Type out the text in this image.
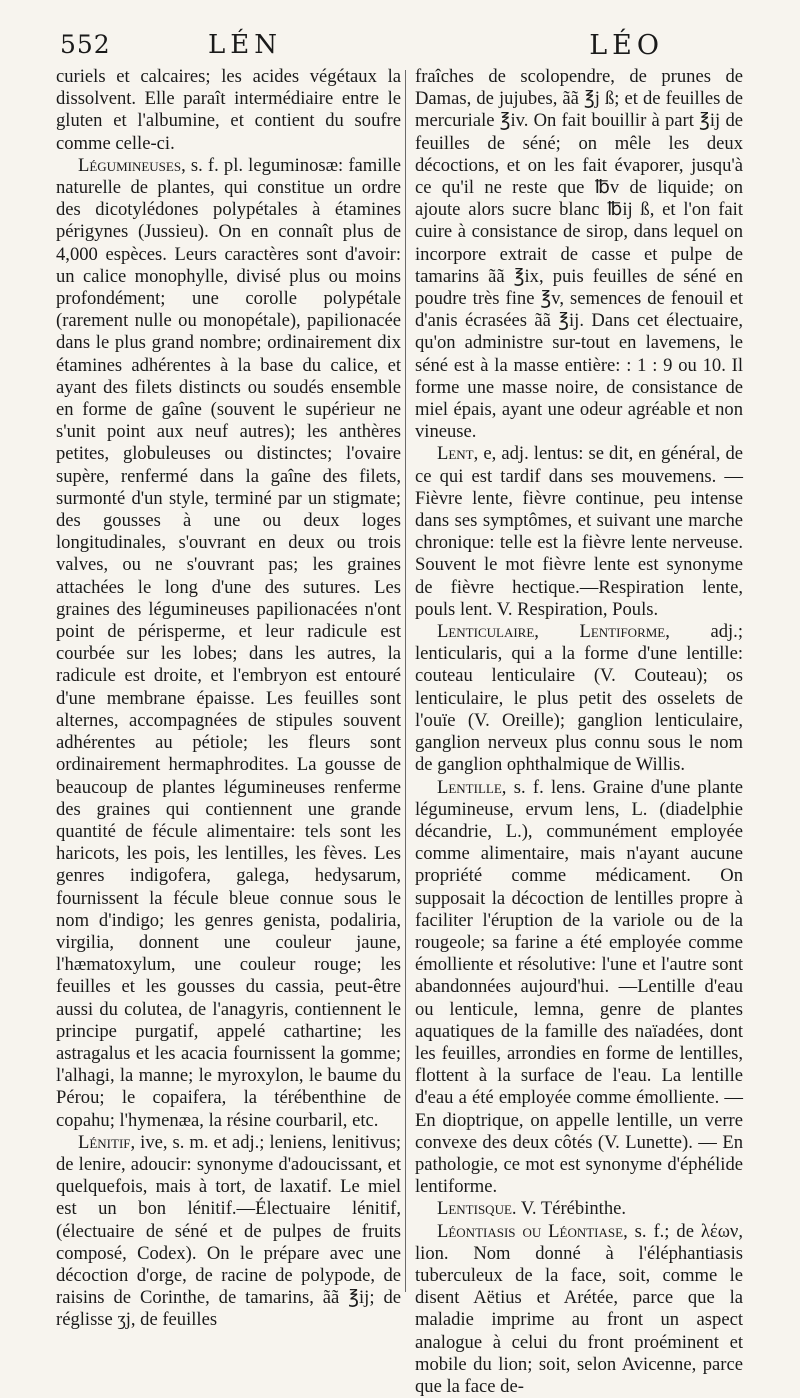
552	LÉN	LÉO

curiels et calcaires; les acides végétaux la dissolvent. Elle paraît intermédiaire entre le gluten et l'albumine, et contient du soufre comme celle-ci.

Légumineuses, s. f. pl. leguminosæ: famille naturelle de plantes, qui constitue un ordre des dicotylédones polypétales à étamines périgynes (Jussieu). On en connaît plus de 4,000 espèces. Leurs caractères sont d'avoir: un calice monophylle, divisé plus ou moins profondément; une corolle polypétale (rarement nulle ou monopétale), papilionacée dans le plus grand nombre; ordinairement dix étamines adhérentes à la base du calice, et ayant des filets distincts ou soudés ensemble en forme de gaîne (souvent le supérieur ne s'unit point aux neuf autres); les anthères petites, globuleuses ou distinctes; l'ovaire supère, renfermé dans la gaîne des filets, surmonté d'un style, terminé par un stigmate; des gousses à une ou deux loges longitudinales, s'ouvrant en deux ou trois valves, ou ne s'ouvrant pas; les graines attachées le long d'une des sutures. Les graines des légumineuses papilionacées n'ont point de périsperme, et leur radicule est courbée sur les lobes; dans les autres, la radicule est droite, et l'embryon est entouré d'une membrane épaisse. Les feuilles sont alternes, accompagnées de stipules souvent adhérentes au pétiole; les fleurs sont ordinairement hermaphrodites. La gousse de beaucoup de plantes légumineuses renferme des graines qui contiennent une grande quantité de fécule alimentaire: tels sont les haricots, les pois, les lentilles, les fèves. Les genres indigofera, galega, hedysarum, fournissent la fécule bleue connue sous le nom d'indigo; les genres genista, podaliria, virgilia, donnent une couleur jaune, l'hæmatoxylum, une couleur rouge; les feuilles et les gousses du cassia, peut-être aussi du colutea, de l'anagyris, contiennent le principe purgatif, appelé cathartine; les astragalus et les acacia fournissent la gomme; l'alhagi, la manne; le myroxylon, le baume du Pérou; le copaifera, la térébenthine de copahu; l'hymenæa, la résine courbaril, etc.

Lénitif, ive, s. m. et adj.; leniens, lenitivus; de lenire, adoucir: synonyme d'adoucissant, et quelquefois, mais à tort, de laxatif. Le miel est un bon lénitif.—Électuaire lénitif, (électuaire de séné et de pulpes de fruits composé, Codex). On le prépare avec une décoction d'orge, de racine de polypode, de raisins de Corinthe, de tamarins, ãã ℥ij; de réglisse ʒj, de feuilles

fraîches de scolopendre, de prunes de Damas, de jujubes, ãã ℥j ß; et de feuilles de mercuriale ℥iv. On fait bouillir à part ℥ij de feuilles de séné; on mêle les deux décoctions, et on les fait évaporer, jusqu'à ce qu'il ne reste que ℔v de liquide; on ajoute alors sucre blanc ℔ij ß, et l'on fait cuire à consistance de sirop, dans lequel on incorpore extrait de casse et pulpe de tamarins ãã ℥ix, puis feuilles de séné en poudre très fine ℥v, semences de fenouil et d'anis écrasées ãã ℥ij. Dans cet électuaire, qu'on administre sur-tout en lavemens, le séné est à la masse entière: : 1 : 9 ou 10. Il forme une masse noire, de consistance de miel épais, ayant une odeur agréable et non vineuse.

Lent, e, adj. lentus: se dit, en général, de ce qui est tardif dans ses mouvemens. — Fièvre lente, fièvre continue, peu intense dans ses symptômes, et suivant une marche chronique: telle est la fièvre lente nerveuse. Souvent le mot fièvre lente est synonyme de fièvre hectique.—Respiration lente, pouls lent. V. Respiration, Pouls.

Lenticulaire, Lentiforme, adj.; lenticularis, qui a la forme d'une lentille: couteau lenticulaire (V. Couteau); os lenticulaire, le plus petit des osselets de l'ouïe (V. Oreille); ganglion lenticulaire, ganglion nerveux plus connu sous le nom de ganglion ophthalmique de Willis.

Lentille, s. f. lens. Graine d'une plante légumineuse, ervum lens, L. (diadelphie décandrie, L.), communément employée comme alimentaire, mais n'ayant aucune propriété comme médicament. On supposait la décoction de lentilles propre à faciliter l'éruption de la variole ou de la rougeole; sa farine a été employée comme émolliente et résolutive: l'une et l'autre sont abandonnées aujourd'hui. —Lentille d'eau ou lenticule, lemna, genre de plantes aquatiques de la famille des naïadées, dont les feuilles, arrondies en forme de lentilles, flottent à la surface de l'eau. La lentille d'eau a été employée comme émolliente. — En dioptrique, on appelle lentille, un verre convexe des deux côtés (V. Lunette). — En pathologie, ce mot est synonyme d'éphélide lentiforme.

Lentisque. V. Térébinthe.

Léontiasis ou Léontiase, s. f.; de λέων, lion. Nom donné à l'éléphantiasis tuberculeux de la face, soit, comme le disent Aëtius et Arétée, parce que la maladie imprime au front un aspect analogue à celui du front proéminent et mobile du lion; soit, selon Avicenne, parce que la face de-
